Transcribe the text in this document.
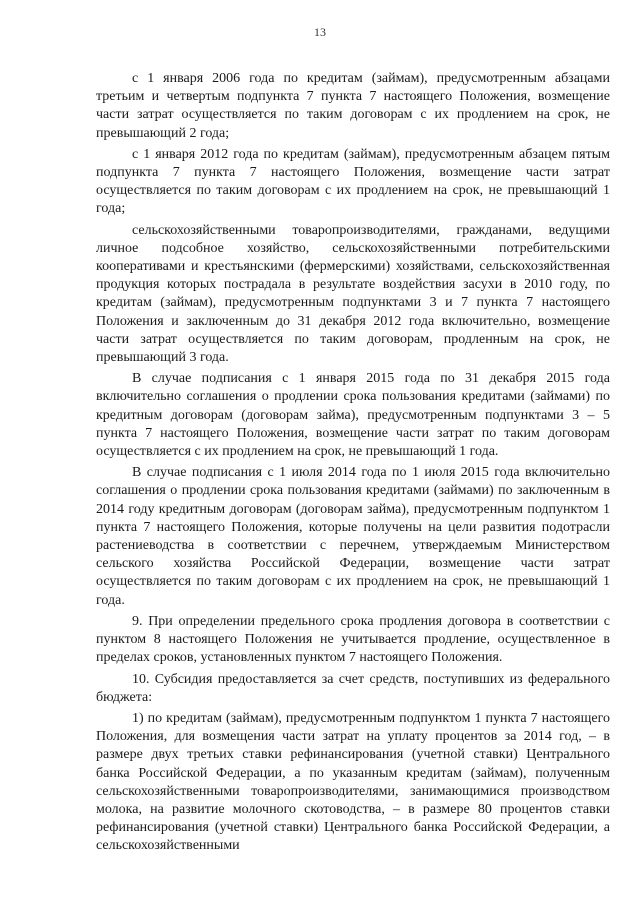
13

с 1 января 2006 года по кредитам (займам), предусмотренным абзацами третьим и четвертым подпункта 7 пункта 7 настоящего Положения, возмещение части затрат осуществляется по таким договорам с их продлением на срок, не превышающий 2 года;

с 1 января 2012 года по кредитам (займам), предусмотренным абзацем пятым подпункта 7 пункта 7 настоящего Положения, возмещение части затрат осуществляется по таким договорам с их продлением на срок, не превышающий 1 года;

сельскохозяйственными товаропроизводителями, гражданами, ведущими личное подсобное хозяйство, сельскохозяйственными потребительскими кооперативами и крестьянскими (фермерскими) хозяйствами, сельскохозяйственная продукция которых пострадала в результате воздействия засухи в 2010 году, по кредитам (займам), предусмотренным подпунктами 3 и 7 пункта 7 настоящего Положения и заключенным до 31 декабря 2012 года включительно, возмещение части затрат осуществляется по таким договорам, продленным на срок, не превышающий 3 года.

В случае подписания с 1 января 2015 года по 31 декабря 2015 года включительно соглашения о продлении срока пользования кредитами (займами) по кредитным договорам (договорам займа), предусмотренным подпунктами 3 – 5 пункта 7 настоящего Положения, возмещение части затрат по таким договорам осуществляется с их продлением на срок, не превышающий 1 года.

В случае подписания с 1 июля 2014 года по 1 июля 2015 года включительно соглашения о продлении срока пользования кредитами (займами) по заключенным в 2014 году кредитным договорам (договорам займа), предусмотренным подпунктом 1 пункта 7 настоящего Положения, которые получены на цели развития подотрасли растениеводства в соответствии с перечнем, утверждаемым Министерством сельского хозяйства Российской Федерации, возмещение части затрат осуществляется по таким договорам с их продлением на срок, не превышающий 1 года.

9. При определении предельного срока продления договора в соответствии с пунктом 8 настоящего Положения не учитывается продление, осуществленное в пределах сроков, установленных пунктом 7 настоящего Положения.

10. Субсидия предоставляется за счет средств, поступивших из федерального бюджета:

1) по кредитам (займам), предусмотренным подпунктом 1 пункта 7 настоящего Положения, для возмещения части затрат на уплату процентов за 2014 год, – в размере двух третьих ставки рефинансирования (учетной ставки) Центрального банка Российской Федерации, а по указанным кредитам (займам), полученным сельскохозяйственными товаропроизводителями, занимающимися производством молока, на развитие молочного скотоводства, – в размере 80 процентов ставки рефинансирования (учетной ставки) Центрального банка Российской Федерации, а сельскохозяйственными
